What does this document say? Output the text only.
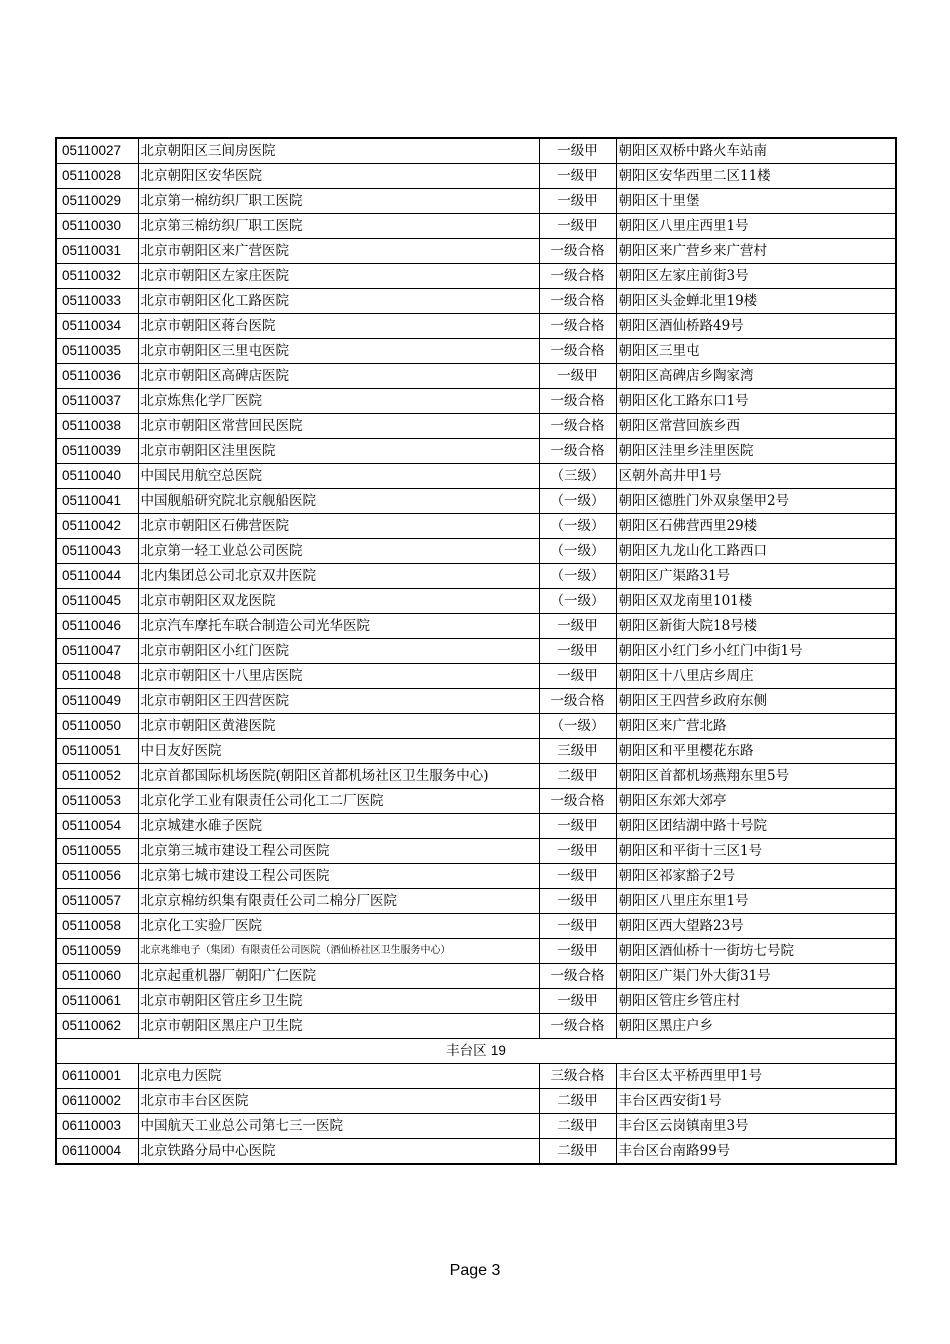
05110027	北京朝阳区三间房医院	一级甲	朝阳区双桥中路火车站南
05110028	北京朝阳区安华医院	一级甲	朝阳区安华西里二区11楼
05110029	北京第一棉纺织厂职工医院	一级甲	朝阳区十里堡
05110030	北京第三棉纺织厂职工医院	一级甲	朝阳区八里庄西里1号
05110031	北京市朝阳区来广营医院	一级合格	朝阳区来广营乡来广营村
05110032	北京市朝阳区左家庄医院	一级合格	朝阳区左家庄前街3号
05110033	北京市朝阳区化工路医院	一级合格	朝阳区头金蝉北里19楼
05110034	北京市朝阳区蒋台医院	一级合格	朝阳区酒仙桥路49号
05110035	北京市朝阳区三里屯医院	一级合格	朝阳区三里屯
05110036	北京市朝阳区高碑店医院	一级甲	朝阳区高碑店乡陶家湾
05110037	北京炼焦化学厂医院	一级合格	朝阳区化工路东口1号
05110038	北京市朝阳区常营回民医院	一级合格	朝阳区常营回族乡西
05110039	北京市朝阳区洼里医院	一级合格	朝阳区洼里乡洼里医院
05110040	中国民用航空总医院	（三级）	区朝外高井甲1号
05110041	中国舰船研究院北京舰船医院	（一级）	朝阳区德胜门外双泉堡甲2号
05110042	北京市朝阳区石佛营医院	（一级）	朝阳区石佛营西里29楼
05110043	北京第一轻工业总公司医院	（一级）	朝阳区九龙山化工路西口
05110044	北内集团总公司北京双井医院	（一级）	朝阳区广渠路31号
05110045	北京市朝阳区双龙医院	（一级）	朝阳区双龙南里101楼
05110046	北京汽车摩托车联合制造公司光华医院	一级甲	朝阳区新街大院18号楼
05110047	北京市朝阳区小红门医院	一级甲	朝阳区小红门乡小红门中街1号
05110048	北京市朝阳区十八里店医院	一级甲	朝阳区十八里店乡周庄
05110049	北京市朝阳区王四营医院	一级合格	朝阳区王四营乡政府东侧
05110050	北京市朝阳区黄港医院	（一级）	朝阳区来广营北路
05110051	中日友好医院	三级甲	朝阳区和平里樱花东路
05110052	北京首都国际机场医院(朝阳区首都机场社区卫生服务中心)	二级甲	朝阳区首都机场燕翔东里5号
05110053	北京化学工业有限责任公司化工二厂医院	一级合格	朝阳区东郊大郊亭
05110054	北京城建水碓子医院	一级甲	朝阳区团结湖中路十号院
05110055	北京第三城市建设工程公司医院	一级甲	朝阳区和平街十三区1号
05110056	北京第七城市建设工程公司医院	一级甲	朝阳区祁家豁子2号
05110057	北京京棉纺织集有限责任公司二棉分厂医院	一级甲	朝阳区八里庄东里1号
05110058	北京化工实验厂医院	一级甲	朝阳区西大望路23号
05110059	北京兆维电子（集团）有限责任公司医院（酒仙桥社区卫生服务中心）	一级甲	朝阳区酒仙桥十一街坊七号院
05110060	北京起重机器厂朝阳广仁医院	一级合格	朝阳区广渠门外大街31号
05110061	北京市朝阳区管庄乡卫生院	一级甲	朝阳区管庄乡管庄村
05110062	北京市朝阳区黑庄户卫生院	一级合格	朝阳区黑庄户乡
丰台区 19			
06110001	北京电力医院	三级合格	丰台区太平桥西里甲1号
06110002	北京市丰台区医院	二级甲	丰台区西安街1号
06110003	中国航天工业总公司第七三一医院	二级甲	丰台区云岗镇南里3号
06110004	北京铁路分局中心医院	二级甲	丰台区台南路99号
Page 3
